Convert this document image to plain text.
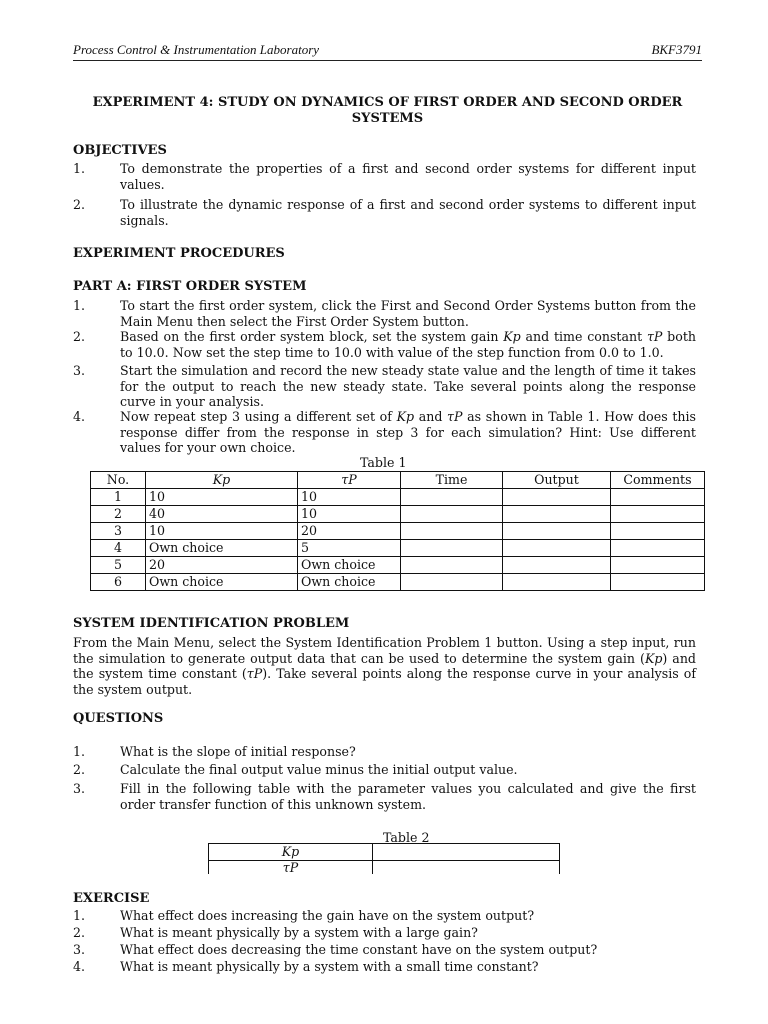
Process Control & Instrumentation Laboratory	BKF3791
EXPERIMENT 4: STUDY ON DYNAMICS OF FIRST ORDER AND SECOND ORDER
SYSTEMS
OBJECTIVES
1.	To demonstrate the properties of a first and second order systems for different input values.
2.	To illustrate the dynamic response of a first and second order systems to different input signals.
EXPERIMENT PROCEDURES
PART A: FIRST ORDER SYSTEM
1.	To start the first order system, click the First and Second Order Systems button from the Main Menu then select the First Order System button.
2.	Based on the first order system block, set the system gain Kp and time constant τP both to 10.0. Now set the step time to 10.0 with value of the step function from 0.0 to 1.0.
3.	Start the simulation and record the new steady state value and the length of time it takes for the output to reach the new steady state. Take several points along the response curve in your analysis.
4.	Now repeat step 3 using a different set of Kp and τP as shown in Table 1. How does this response differ from the response in step 3 for each simulation? Hint: Use different values for your own choice.
Table 1
No.	Kp	τP	Time	Output	Comments
1	10	10			
2	40	10			
3	10	20			
4	Own choice	5			
5	20	Own choice			
6	Own choice	Own choice			
SYSTEM IDENTIFICATION PROBLEM
From the Main Menu, select the System Identification Problem 1 button. Using a step input, run the simulation to generate output data that can be used to determine the system gain (Kp) and the system time constant (τP). Take several points along the response curve in your analysis of the system output.
QUESTIONS
1.	What is the slope of initial response?
2.	Calculate the final output value minus the initial output value.
3.	Fill in the following table with the parameter values you calculated and give the first order transfer function of this unknown system.
Table 2
Kp	
τP	
EXERCISE
1.	What effect does increasing the gain have on the system output?
2.	What is meant physically by a system with a large gain?
3.	What effect does decreasing the time constant have on the system output?
4.	What is meant physically by a system with a small time constant?
